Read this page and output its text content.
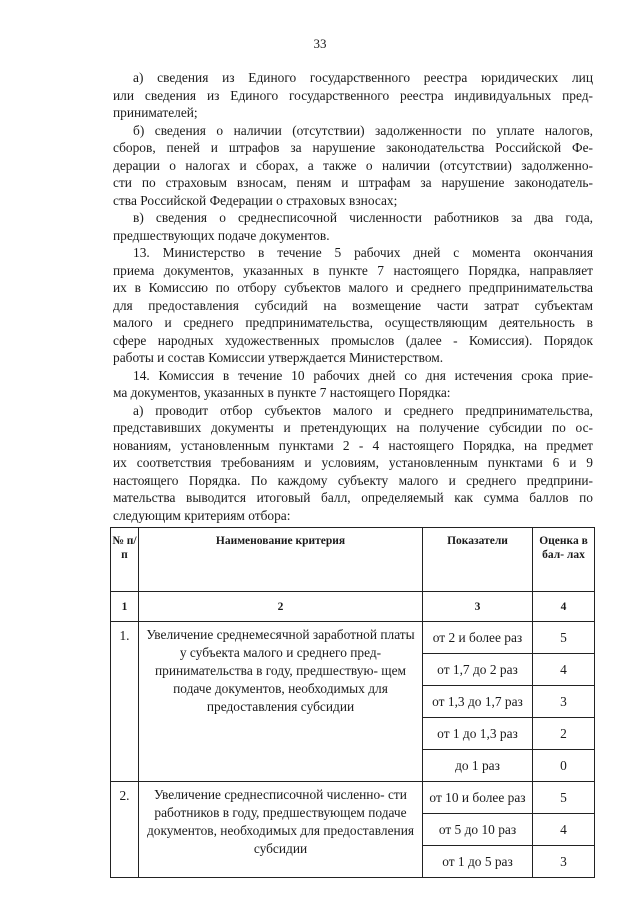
33
а) сведения из Единого государственного реестра юридических лиц
или сведения из Единого государственного реестра индивидуальных пред-
принимателей;
б) сведения о наличии (отсутствии) задолженности по уплате налогов,
сборов, пеней и штрафов за нарушение законодательства Российской Фе-
дерации о налогах и сборах, а также о наличии (отсутствии) задолженно-
сти по страховым взносам, пеням и штрафам за нарушение законодатель-
ства Российской Федерации о страховых взносах;
в) сведения о среднесписочной численности работников за два года,
предшествующих подаче документов.
13. Министерство в течение 5 рабочих дней с момента окончания
приема документов, указанных в пункте 7 настоящего Порядка, направляет
их в Комиссию по отбору субъектов малого и среднего предпринимательства
для предоставления субсидий на возмещение части затрат субъектам
малого и среднего предпринимательства, осуществляющим деятельность в
сфере народных художественных промыслов (далее - Комиссия). Порядок
работы и состав Комиссии утверждается Министерством.
14. Комиссия в течение 10 рабочих дней со дня истечения срока прие-
ма документов, указанных в пункте 7 настоящего Порядка:
а) проводит отбор субъектов малого и среднего предпринимательства,
представивших документы и претендующих на получение субсидии по ос-
нованиям, установленным пунктами 2 - 4 настоящего Порядка, на предмет
их соответствия требованиям и условиям, установленным пунктами 6 и 9
настоящего Порядка. По каждому субъекту малого и среднего предприни-
мательства выводится итоговый балл, определяемый как сумма баллов по
следующим критериям отбора:
№ п/п	Наименование критерия	Показатели	Оценка в бал- лах
1	2	3	4
1.	Увеличение среднемесячной заработной платы у субъекта малого и среднего пред- принимательства в году, предшествую- щем подаче документов, необходимых для предоставления субсидии	от 2 и более раз	5
		от 1,7 до 2 раз	4
		от 1,3 до 1,7 раз	3
		от 1 до 1,3 раз	2
		до 1 раз	0
2.	Увеличение среднесписочной численно- сти работников в году, предшествующем подаче документов, необходимых для предоставления субсидии	от 10 и более раз	5
		от 5 до 10 раз	4
		от 1 до 5 раз	3
